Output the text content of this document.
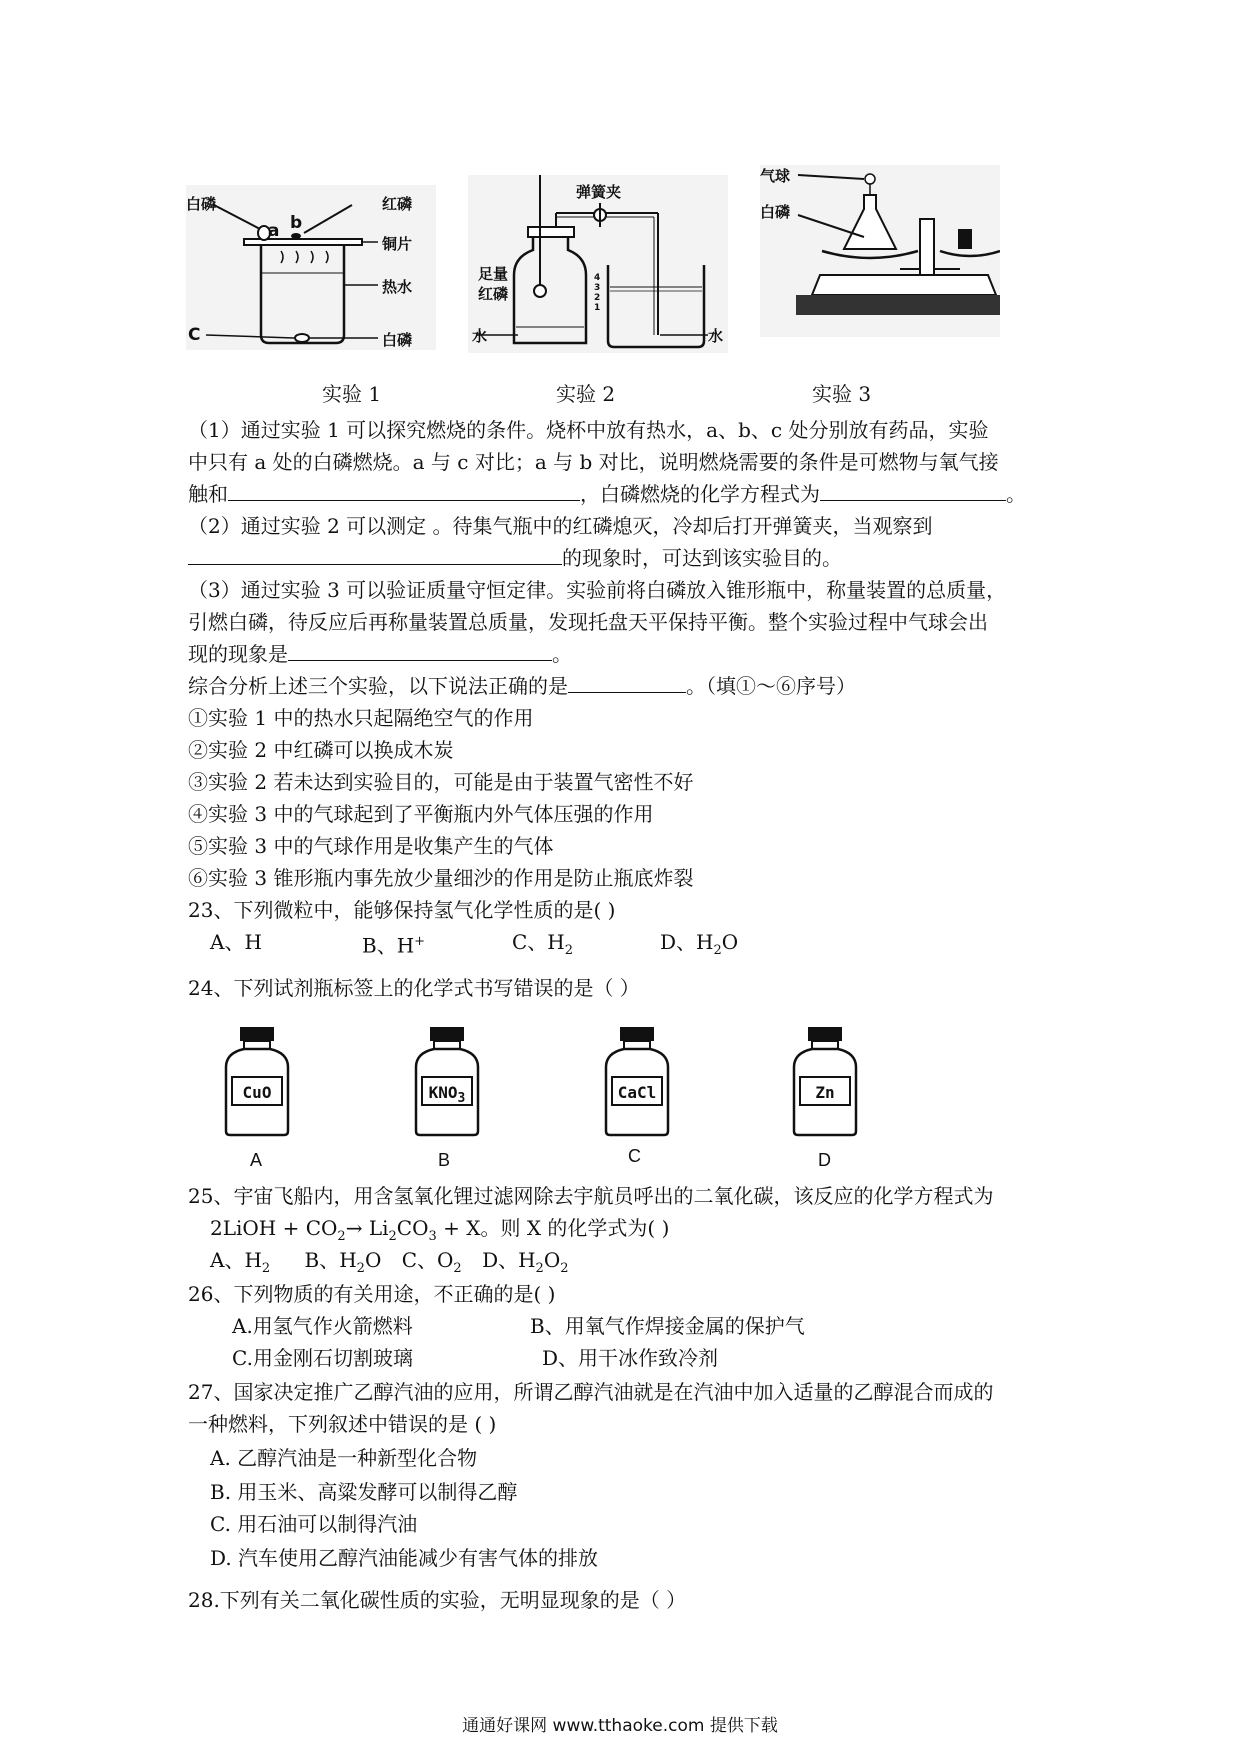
白磷
a b
红磷
铜片
热水
C	白磷
弹簧夹
足量
红磷
4 3 2 1
水	水
气球
白磷
实验 1	实验 2	实验 3
（1）通过实验 1 可以探究燃烧的条件。烧杯中放有热水，a、b、c 处分别放有药品，实验
中只有 a 处的白磷燃烧。a 与 c 对比；a 与 b 对比，说明燃烧需要的条件是可燃物与氧气接
触和	，白磷燃烧的化学方程式为	。
（2）通过实验 2 可以测定 。待集气瓶中的红磷熄灭，冷却后打开弹簧夹，当观察到
的现象时，可达到该实验目的。
（3）通过实验 3 可以验证质量守恒定律。实验前将白磷放入锥形瓶中，称量装置的总质量，
引燃白磷，待反应后再称量装置总质量，发现托盘天平保持平衡。整个实验过程中气球会出
现的现象是	。
综合分析上述三个实验，以下说法正确的是	。（填①～⑥序号）
①实验 1 中的热水只起隔绝空气的作用
②实验 2 中红磷可以换成木炭
③实验 2 若未达到实验目的，可能是由于装置气密性不好
④实验 3 中的气球起到了平衡瓶内外气体压强的作用
⑤实验 3 中的气球作用是收集产生的气体
⑥实验 3 锥形瓶内事先放少量细沙的作用是防止瓶底炸裂
23、下列微粒中，能够保持氢气化学性质的是( )
A、H	B、H+	C、$H_2$	D、$H_2O$
24、下列试剂瓶标签上的化学式书写错误的是（ ）
CuO
A
$KNO_3$
B
CaCl
C
Zn
D
25、宇宙飞船内，用含氢氧化锂过滤网除去宇航员呼出的二氧化碳，该反应的化学方程式为
2LiOH + $CO_2\to Li_2CO_3 + X$。则 X 的化学式为( )
A、$H_2$ B、$H_2O$ C、$O_2$ D、$H_2O_2$
26、下列物质的有关用途，不正确的是( )
A.用氢气作火箭燃料	B、用氧气作焊接金属的保护气
C.用金刚石切割玻璃	D、用干冰作致冷剂
27、国家决定推广乙醇汽油的应用，所谓乙醇汽油就是在汽油中加入适量的乙醇混合而成的
一种燃料，下列叙述中错误的是 ( )
A. 乙醇汽油是一种新型化合物
B. 用玉米、高粱发酵可以制得乙醇
C. 用石油可以制得汽油
D. 汽车使用乙醇汽油能减少有害气体的排放
28.下列有关二氧化碳性质的实验，无明显现象的是（ ）
通通好课网 www.tthaoke.com 提供下载
